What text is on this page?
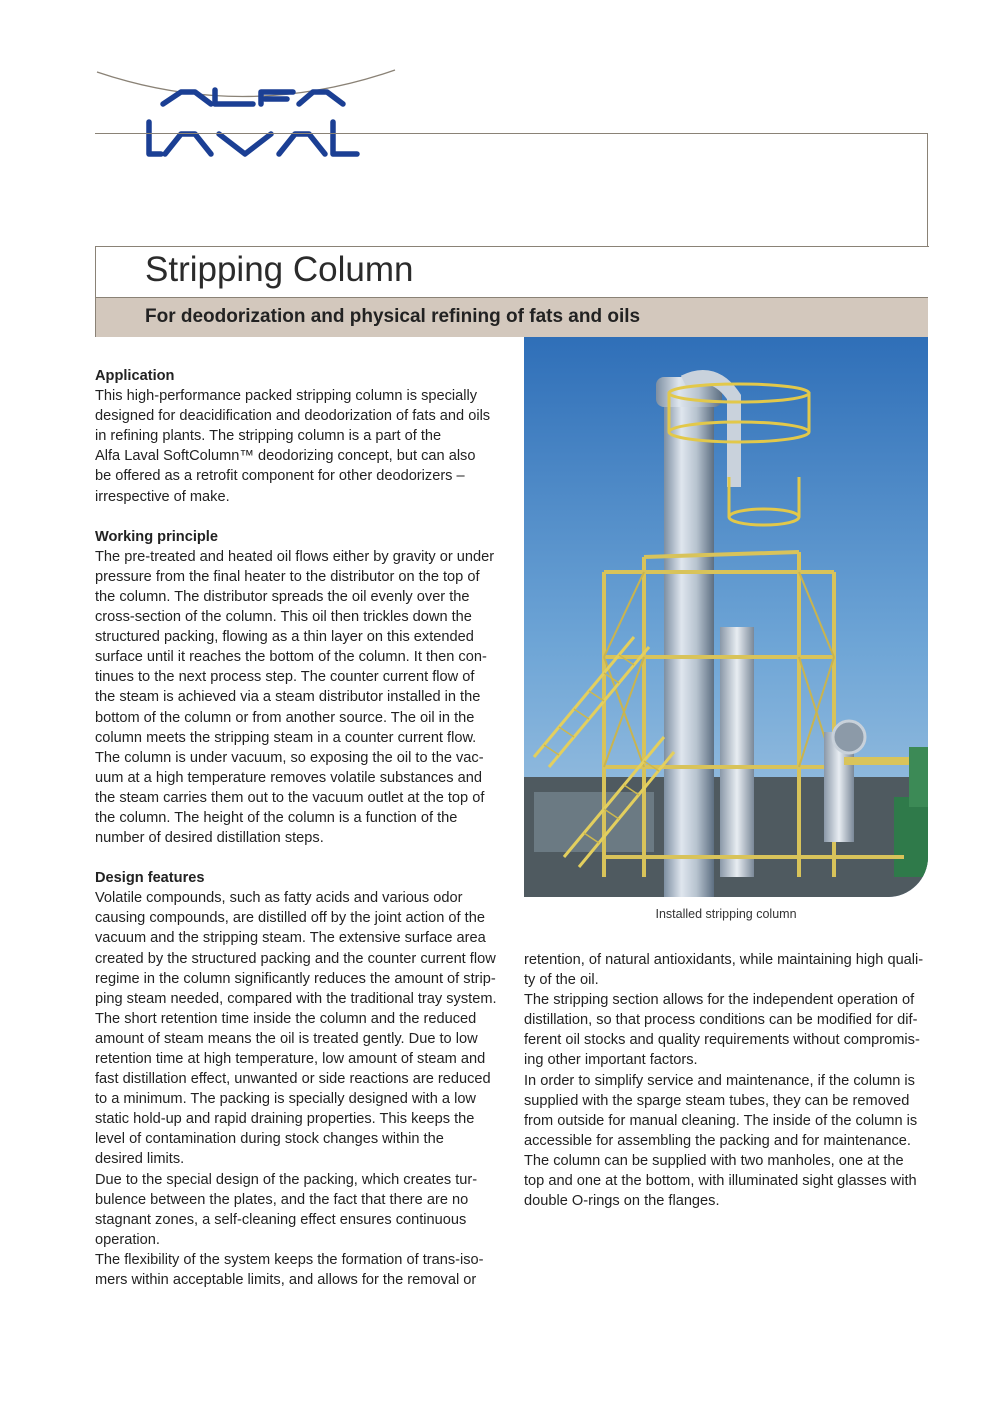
Stripping Column
For deodorization and physical refining of fats and oils
Application

This high-performance packed stripping column is specially

designed for deacidification and deodorization of fats and oils

in refining plants. The stripping column is a part of the

Alfa Laval SoftColumn™ deodorizing concept, but can also

be offered as a retrofit component for other deodorizers –

irrespective of make.

Working principle

The pre-treated and heated oil flows either by gravity or under

pressure from the final heater to the distributor on the top of

the column. The distributor spreads the oil evenly over the

cross-section of the column. This oil then trickles down the

structured packing, flowing as a thin layer on this extended

surface until it reaches the bottom of the column. It then con-

tinues to the next process step. The counter current flow of

the steam is achieved via a steam distributor installed in the

bottom of the column or from another source. The oil in the

column meets the stripping steam in a counter current flow.

The column is under vacuum, so exposing the oil to the vac-

uum at a high temperature removes volatile substances and

the steam carries them out to the vacuum outlet at the top of

the column. The height of the column is a function of the

number of desired distillation steps.

Design features

Volatile compounds, such as fatty acids and various odor

causing compounds, are distilled off by the joint action of the

vacuum and the stripping steam. The extensive surface area

created by the structured packing and the counter current flow

regime in the column significantly reduces the amount of strip-

ping steam needed, compared with the traditional tray system.

The short retention time inside the column and the reduced

amount of steam means the oil is treated gently. Due to low

retention time at high temperature, low amount of steam and

fast distillation effect, unwanted or side reactions are reduced

to a minimum. The packing is specially designed with a low

static hold-up and rapid draining properties. This keeps the

level of contamination during stock changes within the

desired limits.

Due to the special design of the packing, which creates tur-

bulence between the plates, and the fact that there are no

stagnant zones, a self-cleaning effect ensures continuous

operation.

The flexibility of the system keeps the formation of trans-iso-

mers within acceptable limits, and allows for the removal or

Installed stripping column

retention, of natural antioxidants, while maintaining high quali-

ty of the oil.

The stripping section allows for the independent operation of

distillation, so that process conditions can be modified for dif-

ferent oil stocks and quality requirements without compromis-

ing other important factors.

In order to simplify service and maintenance, if the column is

supplied with the sparge steam tubes, they can be removed

from outside for manual cleaning. The inside of the column is

accessible for assembling the packing and for maintenance.

The column can be supplied with two manholes, one at the

top and one at the bottom, with illuminated sight glasses with

double O-rings on the flanges.
